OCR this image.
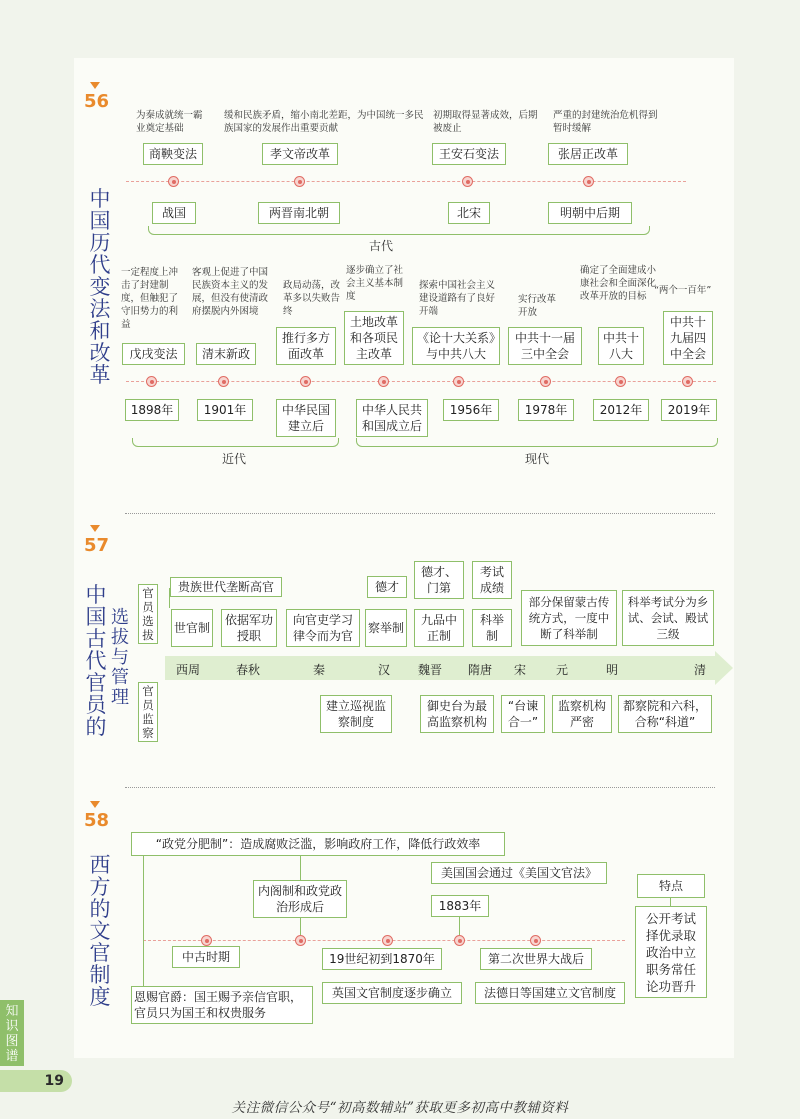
56
中国历代变法和改革
为秦成就统一霸业奠定基础
缓和民族矛盾，缩小南北差距，为中国统一多民族国家的发展作出重要贡献
初期取得显著成效，后期被废止
严重的封建统治危机得到暂时缓解
商鞅变法	孝文帝改革	王安石变法	张居正改革
战国	两晋南北朝	北宋	明朝中后期
古代
一定程度上冲击了封建制度，但触犯了守旧势力的利益
客观上促进了中国民族资本主义的发展，但没有使清政府摆脱内外困境
政局动荡，改革多以失败告终
逐步确立了社会主义基本制度
探索中国社会主义建设道路有了良好开端
实行改革开放
确定了全面建成小康社会和全面深化改革开放的目标
“两个一百年”
戊戌变法	清末新政
推行多方面改革
土地改革和各项民主改革
《论十大关系》与中共八大
中共十一届三中全会
中共十八大
中共十九届四中全会
1898年	1901年	中华民国建立后
中华人民共和国成立后
1956年	1978年	2012年	2019年
近代	现代
57
中国古代官员的
选拔与管理
官员选拔
官员监察
贵族世代垄断高官	德才
德才、门第
考试成绩
世官制
依据军功授职
向官吏学习律令而为官
察举制
九品中正制
科举制
部分保留蒙古传统方式，一度中断了科举制
科举考试分为乡试、会试、殿试三级
西周	春秋	秦	汉 魏晋 隋唐 宋 元	明	清
建立巡视监察制度
御史台为最高监察机构
“台谏合一”
监察机构严密
都察院和六科，合称“科道”
58
西方的文官制度
“政党分肥制”：造成腐败泛滥，影响政府工作，降低行政效率
内阁制和政党政治形成后
美国国会通过《美国文官法》
1883年
特点
公开考试择优录取政治中立职务常任论功晋升
中古时期	19世纪初到1870年	第二次世界大战后
恩赐官爵：国王赐予亲信官职，官员只为国王和权贵服务
英国文官制度逐步确立	法德日等国建立文官制度
知识图谱
19
关注微信公众号“初高数辅站”获取更多初高中教辅资料
